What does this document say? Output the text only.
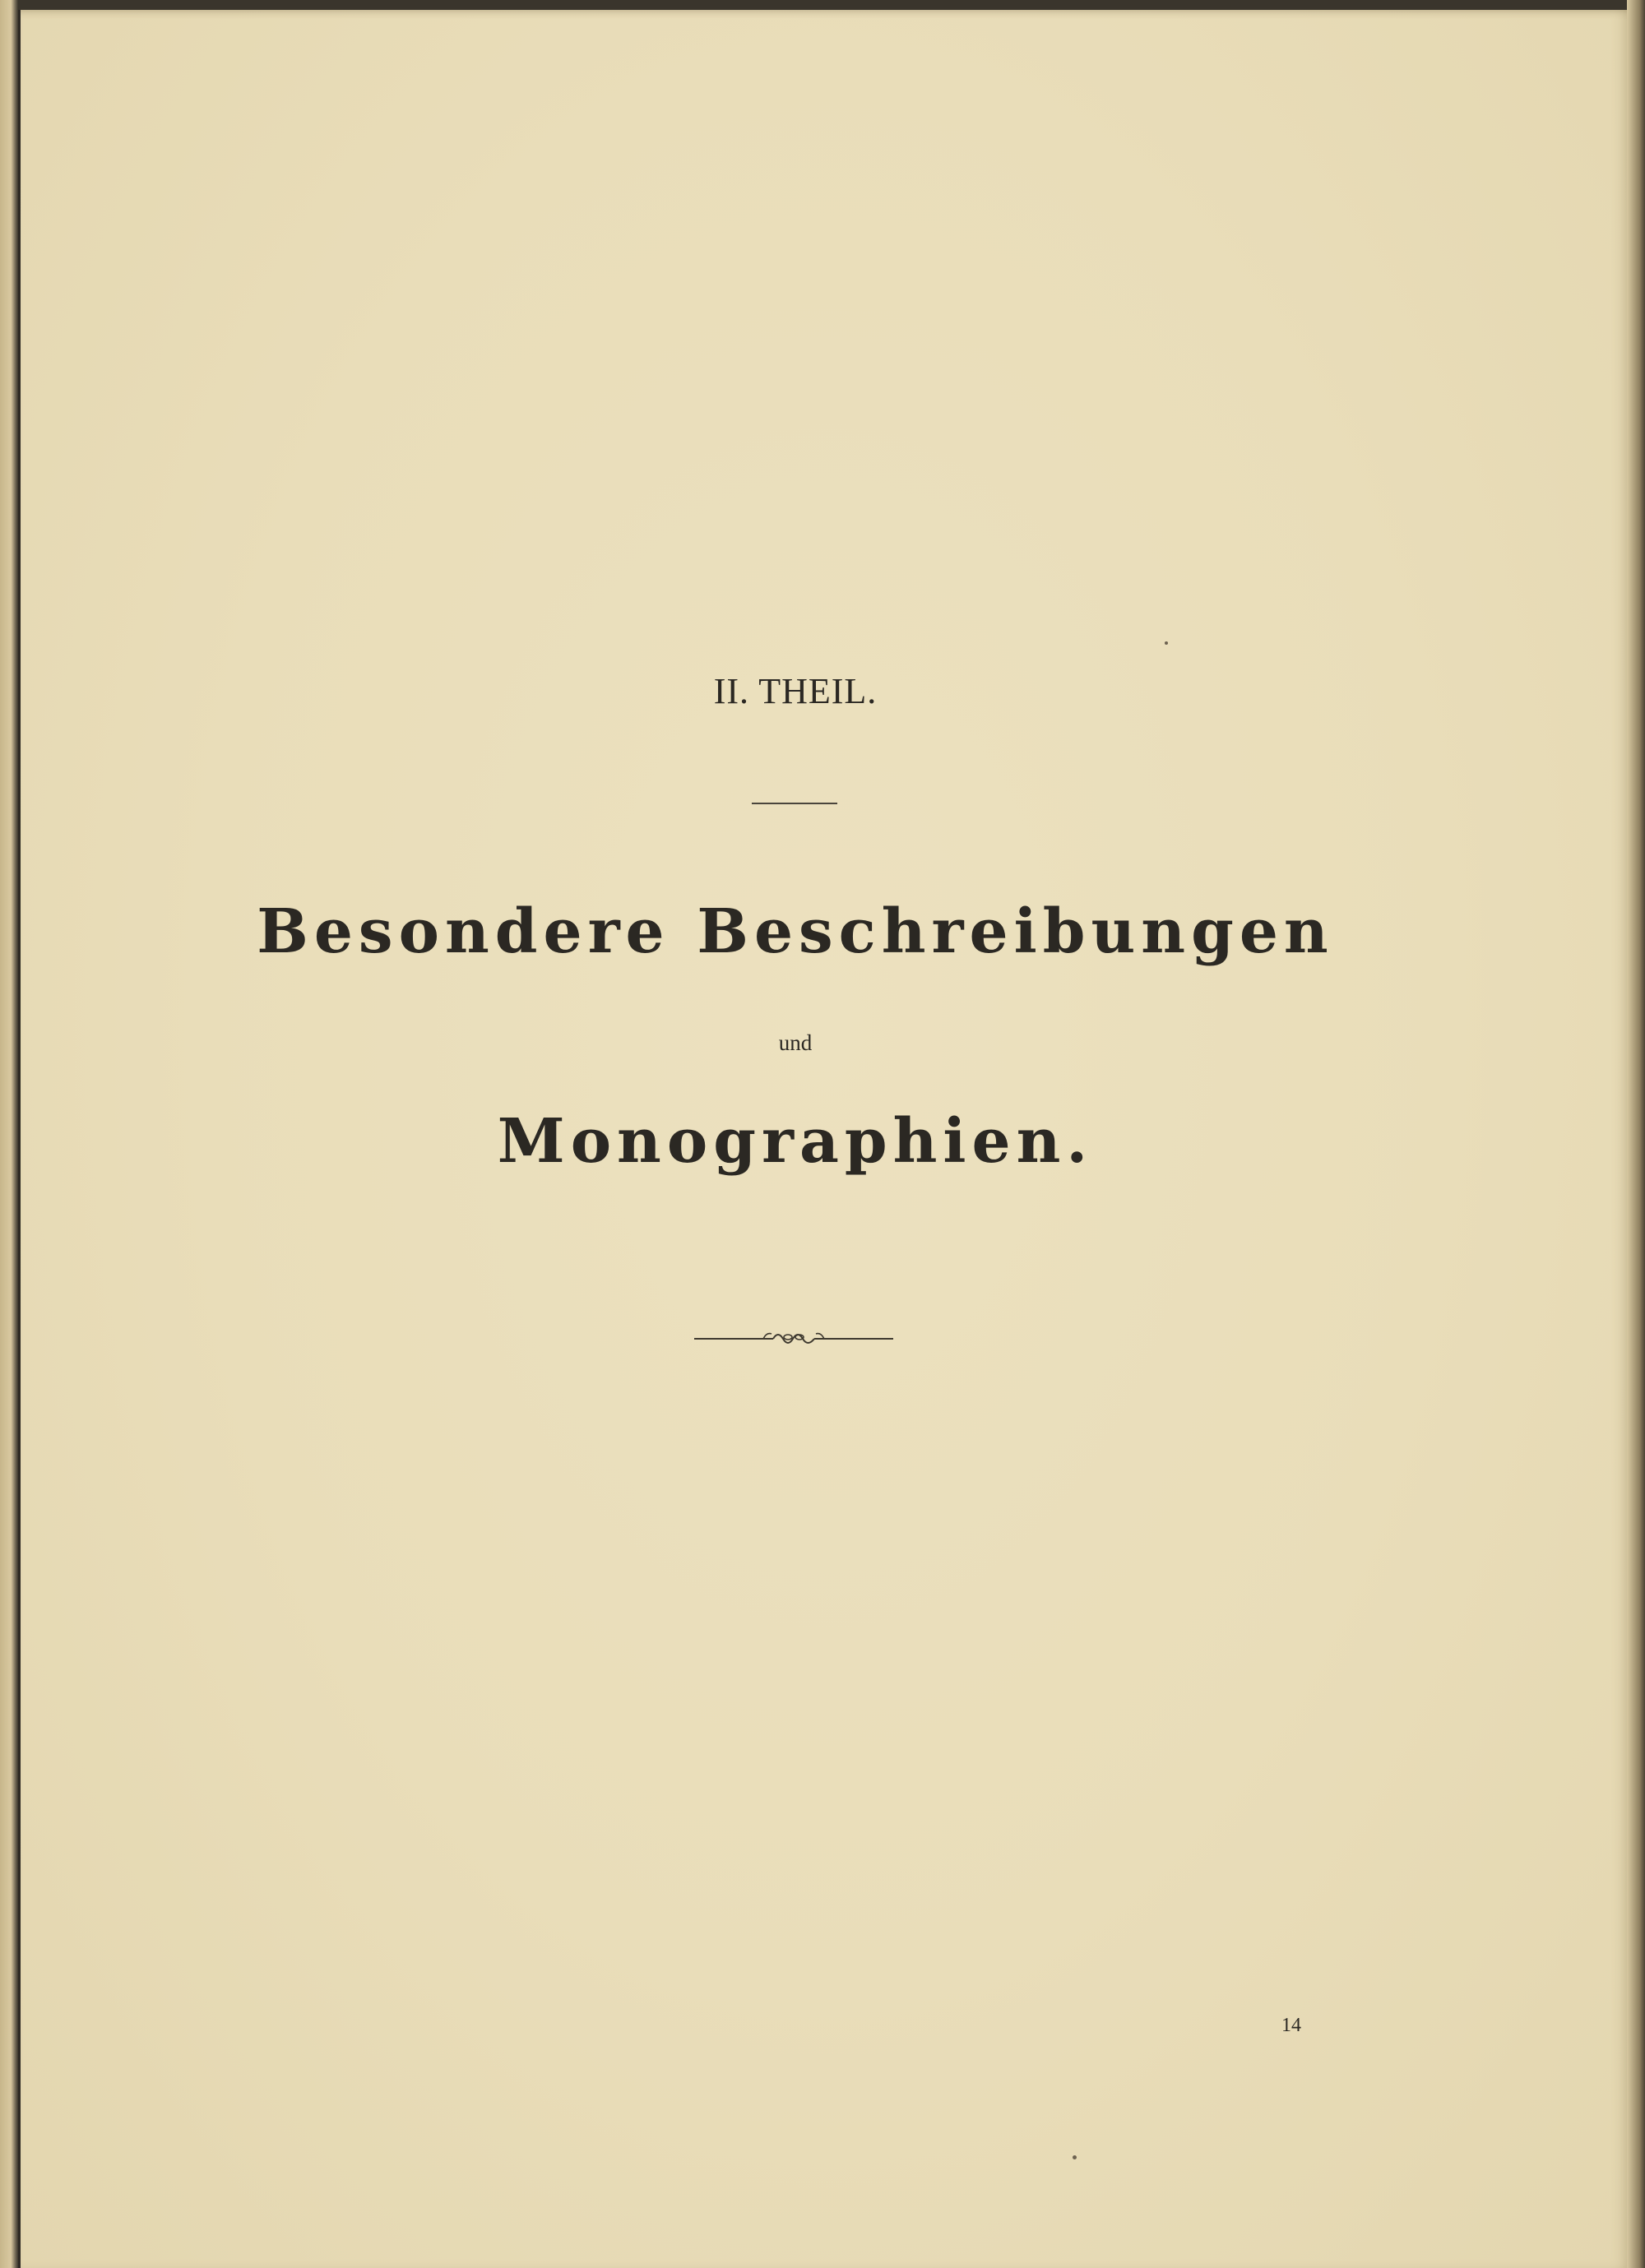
II. THEIL.
Besondere Beschreibungen
und
Monographien.
14
